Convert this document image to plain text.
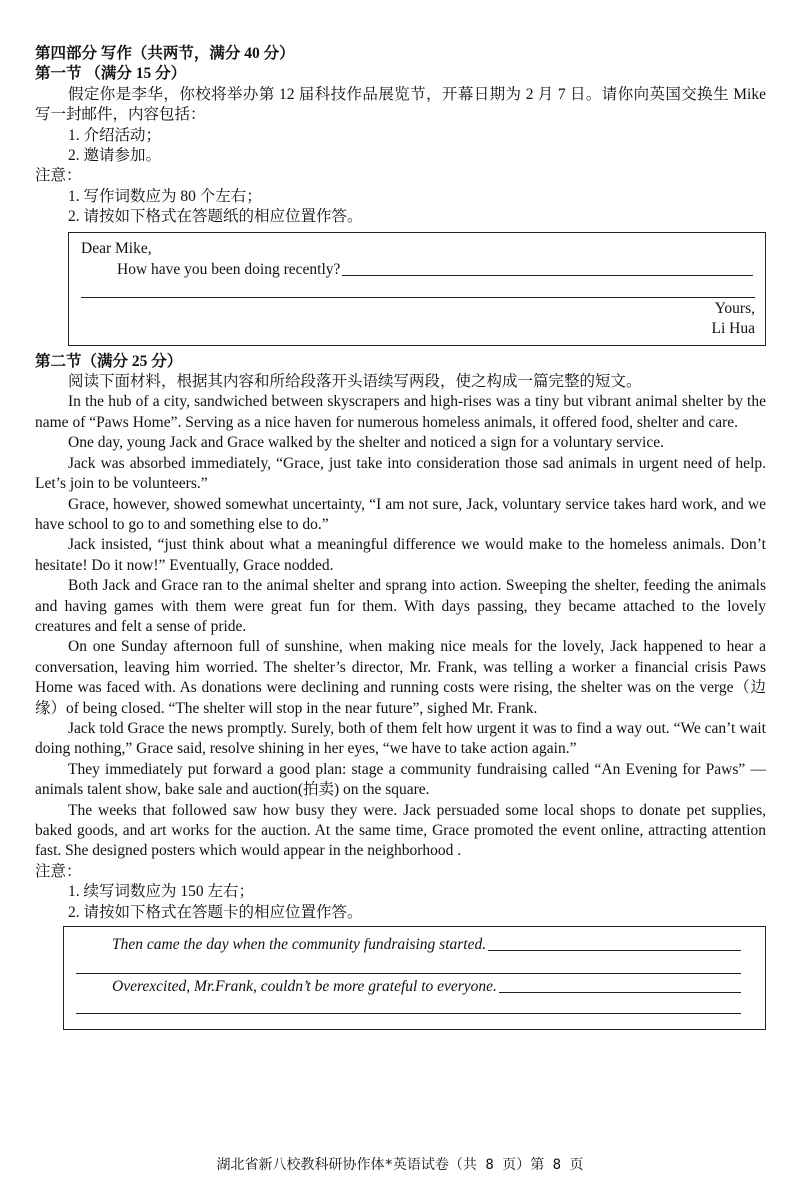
第四部分 写作（共两节，满分 40 分）

第一节 （满分 15 分）

假定你是李华，你校将举办第 12 届科技作品展览节，开幕日期为 2 月 7 日。请你向英国交换生 Mike 写一封邮件，内容包括：

1. 介绍活动；

2. 邀请参加。

注意：

1. 写作词数应为 80 个左右；

2. 请按如下格式在答题纸的相应位置作答。

Dear Mike,
How have you been doing recently?
Yours,
Li Hua

第二节（满分 25 分）

阅读下面材料，根据其内容和所给段落开头语续写两段，使之构成一篇完整的短文。

In the hub of a city, sandwiched between skyscrapers and high-rises was a tiny but vibrant animal shelter by the name of “Paws Home”. Serving as a nice haven for numerous homeless animals, it offered food, shelter and care.

One day, young Jack and Grace walked by the shelter and noticed a sign for a voluntary service.

Jack was absorbed immediately, “Grace, just take into consideration those sad animals in urgent need of help. Let’s join to be volunteers.”

Grace, however, showed somewhat uncertainty, “I am not sure, Jack, voluntary service takes hard work, and we have school to go to and something else to do.”

Jack insisted, “just think about what a meaningful difference we would make to the homeless animals. Don’t hesitate! Do it now!” Eventually, Grace nodded.

Both Jack and Grace ran to the animal shelter and sprang into action. Sweeping the shelter, feeding the animals and having games with them were great fun for them. With days passing, they became attached to the lovely creatures and felt a sense of pride.

On one Sunday afternoon full of sunshine, when making nice meals for the lovely, Jack happened to hear a conversation, leaving him worried. The shelter’s director, Mr. Frank, was telling a worker a financial crisis Paws Home was faced with. As donations were declining and running costs were rising, the shelter was on the verge（边缘）of being closed. “The shelter will stop in the near future”, sighed Mr. Frank.

Jack told Grace the news promptly. Surely, both of them felt how urgent it was to find a way out. “We can’t wait doing nothing,” Grace said, resolve shining in her eyes, “we have to take action again.”

They immediately put forward a good plan: stage a community fundraising called “An Evening for Paws” — animals talent show, bake sale and auction(拍卖) on the square.

The weeks that followed saw how busy they were. Jack persuaded some local shops to donate pet supplies, baked goods, and art works for the auction. At the same time, Grace promoted the event online, attracting attention fast. She designed posters which would appear in the neighborhood .

注意：

1. 续写词数应为 150 左右；

2. 请按如下格式在答题卡的相应位置作答。

Then came the day when the community fundraising started.
Overexcited, Mr.Frank, couldn’t be more grateful to everyone.
湖北省新八校教科研协作体*英语试卷（共 8 页）第 8 页
